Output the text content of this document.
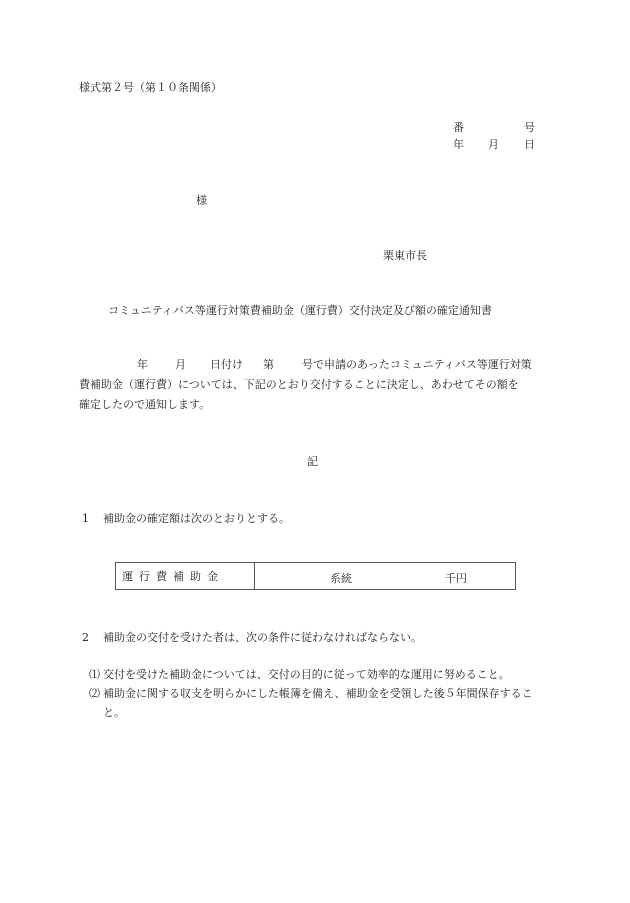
様式第２号（第１０条関係）
番	号
年 月 日
様
栗東市長
コミュニティバス等運行対策費補助金（運行費）交付決定及び額の確定通知書
年 月 日付け 第	号で申請のあったコミュニティバス等運行対策
費補助金（運行費）については、下記のとおり交付することに決定し、あわせてその額を
確定したので通知します。
記
1 補助金の確定額は次のとおりとする。
運行費補助金	系統	千円
2 補助金の交付を受けた者は、次の条件に従わなければならない。
⑴ 交付を受けた補助金については、交付の目的に従って効率的な運用に努めること。
⑵ 補助金に関する収支を明らかにした帳簿を備え、補助金を受領した後５年間保存すること。
